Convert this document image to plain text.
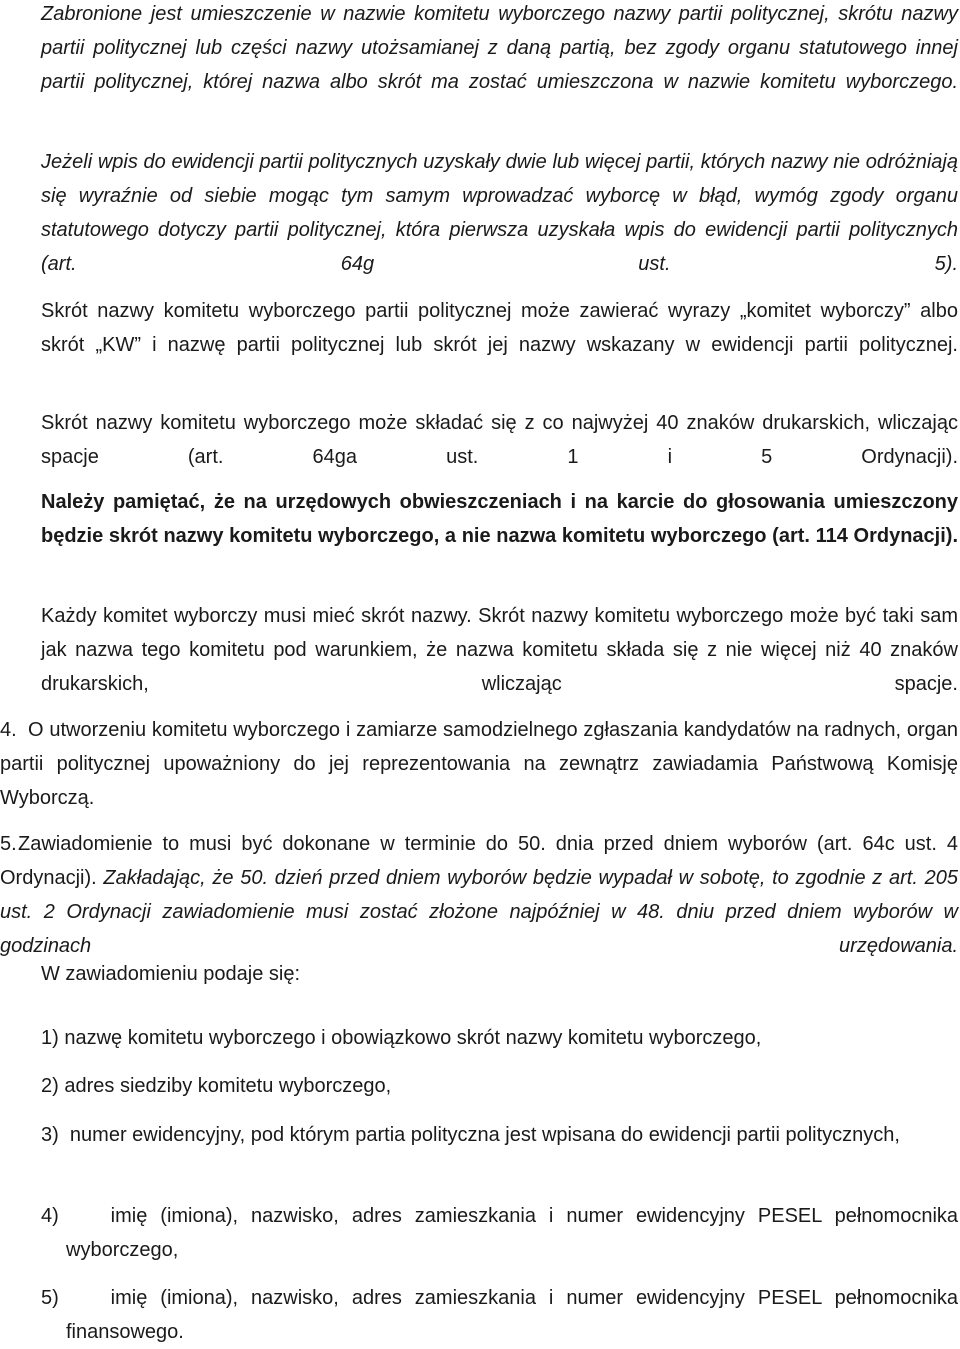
Zabronione jest umieszczenie w nazwie komitetu wyborczego nazwy partii politycznej, skrótu nazwy partii politycznej lub części nazwy utożsamianej z daną partią, bez zgody organu statutowego innej partii politycznej, której nazwa albo skrót ma zostać umieszczona w nazwie komitetu wyborczego.

Jeżeli wpis do ewidencji partii politycznych uzyskały dwie lub więcej partii, których nazwy nie odróżniają się wyraźnie od siebie mogąc tym samym wprowadzać wyborcę w błąd, wymóg zgody organu statutowego dotyczy partii politycznej, która pierwsza uzyskała wpis do ewidencji partii politycznych (art. 64g ust. 5).

Skrót nazwy komitetu wyborczego partii politycznej może zawierać wyrazy „komitet wyborczy” albo skrót „KW” i nazwę partii politycznej lub skrót jej nazwy wskazany w ewidencji partii politycznej.

Skrót nazwy komitetu wyborczego może składać się z co najwyżej 40 znaków drukarskich, wliczając spacje (art. 64ga ust. 1 i 5 Ordynacji).

Należy pamiętać, że na urzędowych obwieszczeniach i na karcie do głosowania umieszczony będzie skrót nazwy komitetu wyborczego, a nie nazwa komitetu wyborczego (art. 114 Ordynacji).

Każdy komitet wyborczy musi mieć skrót nazwy. Skrót nazwy komitetu wyborczego może być taki sam jak nazwa tego komitetu pod warunkiem, że nazwa komitetu składa się z nie więcej niż 40 znaków drukarskich, wliczając spacje.

4. O utworzeniu komitetu wyborczego i zamiarze samodzielnego zgłaszania kandydatów na radnych, organ partii politycznej upoważniony do jej reprezentowania na zewnątrz zawiadamia Państwową Komisję Wyborczą.

5.Zawiadomienie to musi być dokonane w terminie do 50. dnia przed dniem wyborów (art. 64c ust. 4 Ordynacji). Zakładając, że 50. dzień przed dniem wyborów będzie wypadał w sobotę, to zgodnie z art. 205 ust. 2 Ordynacji zawiadomienie musi zostać złożone najpóźniej w 48. dniu przed dniem wyborów w godzinach urzędowania.

W zawiadomieniu podaje się:

1) nazwę komitetu wyborczego i obowiązkowo skrót nazwy komitetu wyborczego,

2) adres siedziby komitetu wyborczego,

3) numer ewidencyjny, pod którym partia polityczna jest wpisana do ewidencji partii politycznych,

4)	imię (imiona), nazwisko, adres zamieszkania i numer ewidencyjny PESEL pełnomocnika wyborczego,

5)	imię (imiona), nazwisko, adres zamieszkania i numer ewidencyjny PESEL pełnomocnika finansowego.
